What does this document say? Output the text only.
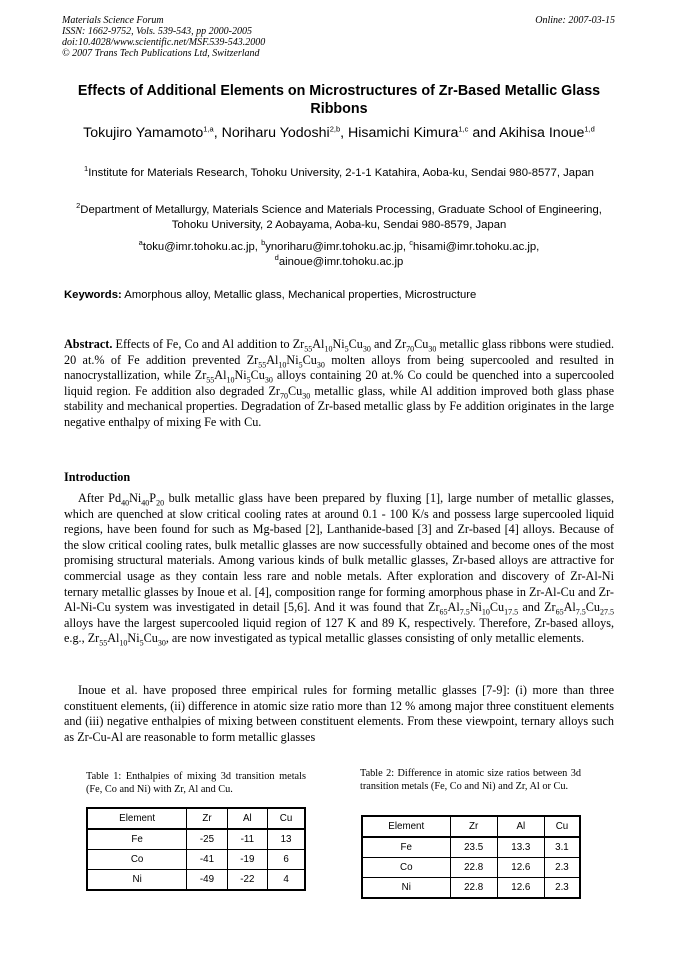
Materials Science Forum
ISSN: 1662-9752, Vols. 539-543, pp 2000-2005
doi:10.4028/www.scientific.net/MSF.539-543.2000
© 2007 Trans Tech Publications Ltd, Switzerland
Online: 2007-03-15
Effects of Additional Elements on Microstructures of Zr-Based Metallic Glass Ribbons
Tokujiro Yamamoto$^{1,a}$, Noriharu Yodoshi$^{2,b}$, Hisamichi Kimura$^{1,c}$ and Akihisa Inoue$^{1,d}$
$^1$Institute for Materials Research, Tohoku University, 2-1-1 Katahira, Aoba-ku, Sendai 980-8577, Japan
$^2$Department of Metallurgy, Materials Science and Materials Processing, Graduate School of Engineering, Tohoku University, 2 Aobayama, Aoba-ku, Sendai 980-8579, Japan
$^a$toku@imr.tohoku.ac.jp, $^b$ynoriharu@imr.tohoku.ac.jp, $^c$hisami@imr.tohoku.ac.jp,
$^d$ainoue@imr.tohoku.ac.jp
Keywords: Amorphous alloy, Metallic glass, Mechanical properties, Microstructure
Abstract. Effects of Fe, Co and Al addition to $Zr_{55}Al_{10}Ni_5Cu_{30}$ and $Zr_{70}Cu_{30}$ metallic glass ribbons were studied. 20 at.% of Fe addition prevented $Zr_{55}Al_{10}Ni_5Cu_{30}$ molten alloys from being supercooled and resulted in nanocrystallization, while $Zr_{55}Al_{10}Ni_5Cu_{30}$ alloys containing 20 at.% Co could be quenched into a supercooled liquid region. Fe addition also degraded $Zr_{70}Cu_{30}$ metallic glass, while Al addition improved both glass phase stability and mechanical properties. Degradation of Zr-based metallic glass by Fe addition originates in the large negative enthalpy of mixing Fe with Cu.
Introduction
After $Pd_{40}Ni_{40}P_{20}$ bulk metallic glass have been prepared by fluxing [1], large number of metallic glasses, which are quenched at slow critical cooling rates at around 0.1 - 100 K/s and possess large supercooled liquid regions, have been found for such as Mg-based [2], Lanthanide-based [3] and Zr-based [4] alloys. Because of the slow critical cooling rates, bulk metallic glasses are now successfully obtained and become ones of the most promising structural materials. Among various kinds of bulk metallic glasses, Zr-based alloys are attractive for commercial usage as they contain less rare and noble metals. After exploration and discovery of Zr-Al-Ni ternary metallic glasses by Inoue et al. [4], composition range for forming amorphous phase in Zr-Al-Cu and Zr-Al-Ni-Cu system was investigated in detail [5,6]. And it was found that $Zr_{65}Al_{7.5}Ni_{10}Cu_{17.5}$ and $Zr_{65}Al_{7.5}Cu_{27.5}$ alloys have the largest supercooled liquid region of 127 K and 89 K, respectively. Therefore, Zr-based alloys, e.g., $Zr_{55}Al_{10}Ni_5Cu_{30}$, are now investigated as typical metallic glasses consisting of only metallic elements.
Inoue et al. have proposed three empirical rules for forming metallic glasses [7-9]: (i) more than three constituent elements, (ii) difference in atomic size ratio more than 12 % among major three constituent elements and (iii) negative enthalpies of mixing between constituent elements. From these viewpoint, ternary alloys such as Zr-Cu-Al are reasonable to form metallic glasses
Table 1: Enthalpies of mixing 3d transition metals (Fe, Co and Ni) with Zr, Al and Cu.
Element	Zr	Al	Cu
Fe	-25	-11	13
Co	-41	-19	6
Ni	-49	-22	4
Table 2: Difference in atomic size ratios between 3d transition metals (Fe, Co and Ni) and Zr, Al or Cu.
Element	Zr	Al	Cu
Fe	23.5	13.3	3.1
Co	22.8	12.6	2.3
Ni	22.8	12.6	2.3
